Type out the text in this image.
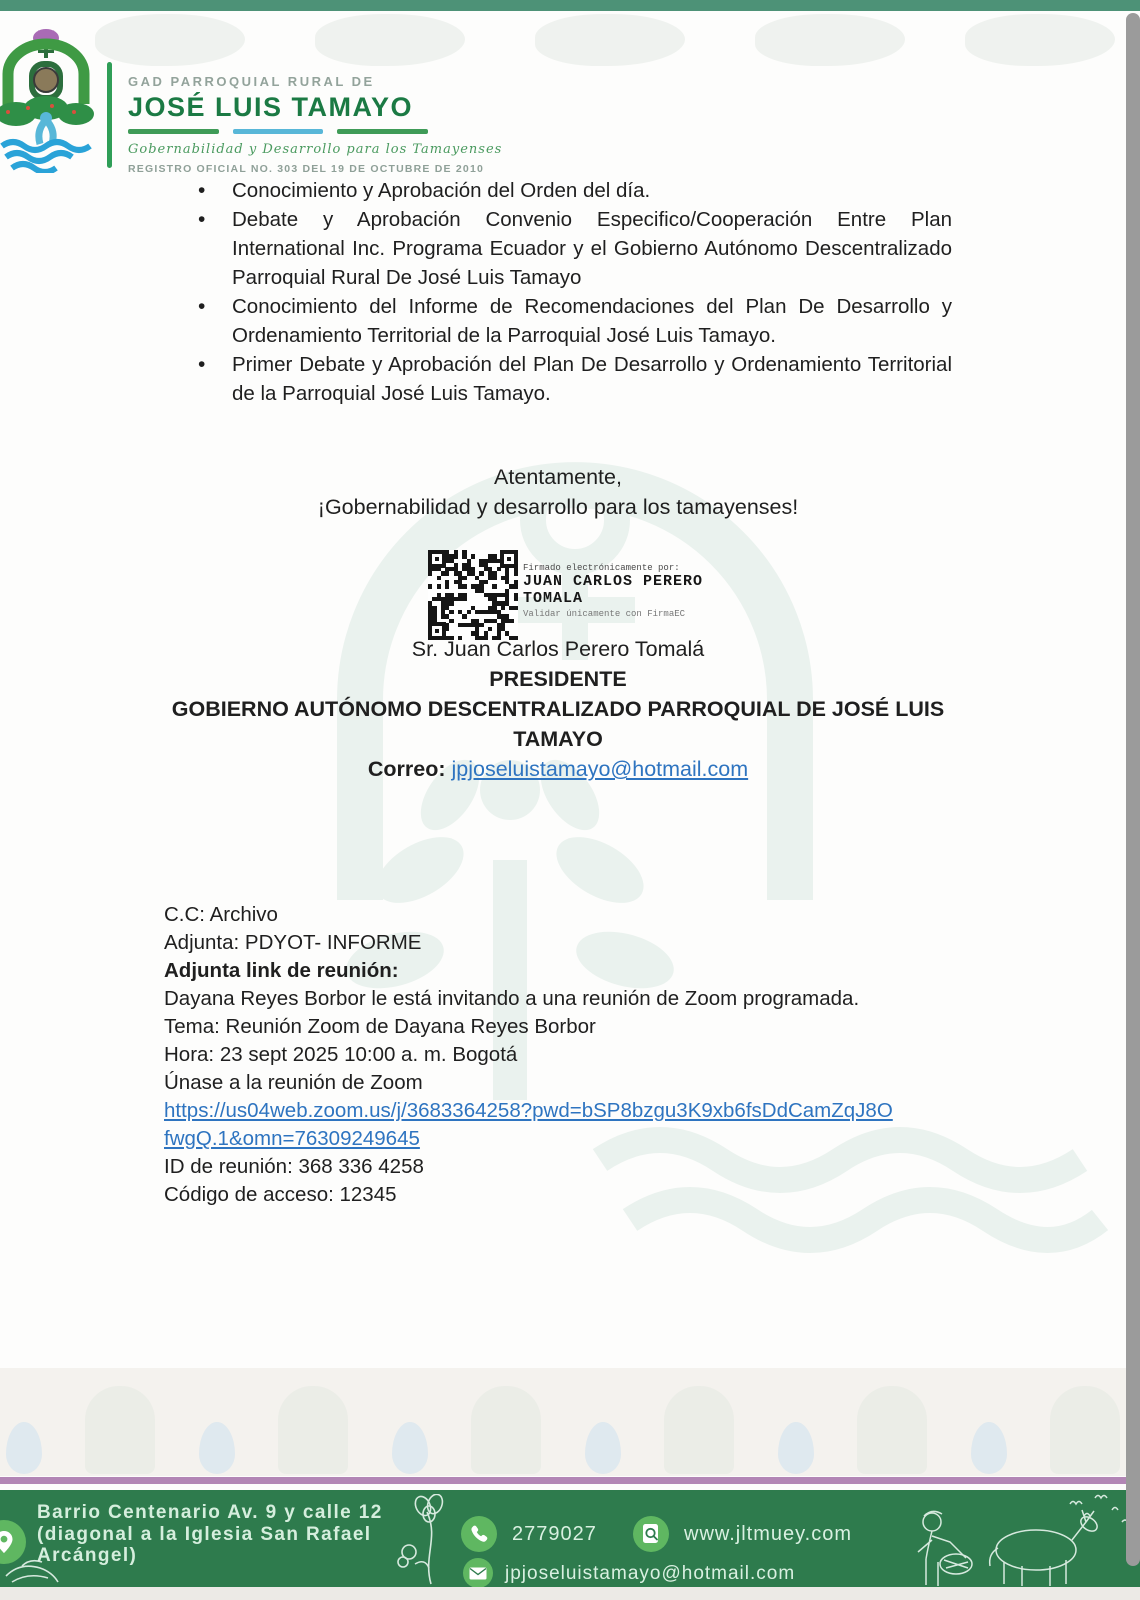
GAD PARROQUIAL RURAL DE
JOSÉ LUIS TAMAYO
Gobernabilidad y Desarrollo para los Tamayenses
REGISTRO OFICIAL NO. 303 DEL 19 DE OCTUBRE DE 2010
• Conocimiento y Aprobación del Orden del día.
• Debate y Aprobación Convenio Especifico/Cooperación Entre Plan International Inc. Programa Ecuador y el Gobierno Autónomo Descentralizado Parroquial Rural De José Luis Tamayo
• Conocimiento del Informe de Recomendaciones del Plan De Desarrollo y Ordenamiento Territorial de la Parroquial José Luis Tamayo.
• Primer Debate y Aprobación del Plan De Desarrollo y Ordenamiento Territorial de la Parroquial José Luis Tamayo.
Atentamente,
¡Gobernabilidad y desarrollo para los tamayenses!
Firmado electrónicamente por:
JUAN CARLOS PERERO
TOMALA
Validar únicamente con FirmaEC
Sr. Juan Carlos Perero Tomalá
PRESIDENTE
GOBIERNO AUTÓNOMO DESCENTRALIZADO PARROQUIAL DE JOSÉ LUIS
TAMAYO
Correo: jpjoseluistamayo@hotmail.com
C.C: Archivo
Adjunta: PDYOT- INFORME
Adjunta link de reunión:
Dayana Reyes Borbor le está invitando a una reunión de Zoom programada.
Tema: Reunión Zoom de Dayana Reyes Borbor
Hora: 23 sept 2025 10:00 a. m. Bogotá
Únase a la reunión de Zoom
https://us04web.zoom.us/j/3683364258?pwd=bSP8bzgu3K9xb6fsDdCamZqJ8O
fwgQ.1&omn=76309249645
ID de reunión: 368 336 4258
Código de acceso: 12345
Barrio Centenario Av. 9 y calle 12
(diagonal a la Iglesia San Rafael
Arcángel)
2779027	www.jltmuey.com
jpjoseluistamayo@hotmail.com
